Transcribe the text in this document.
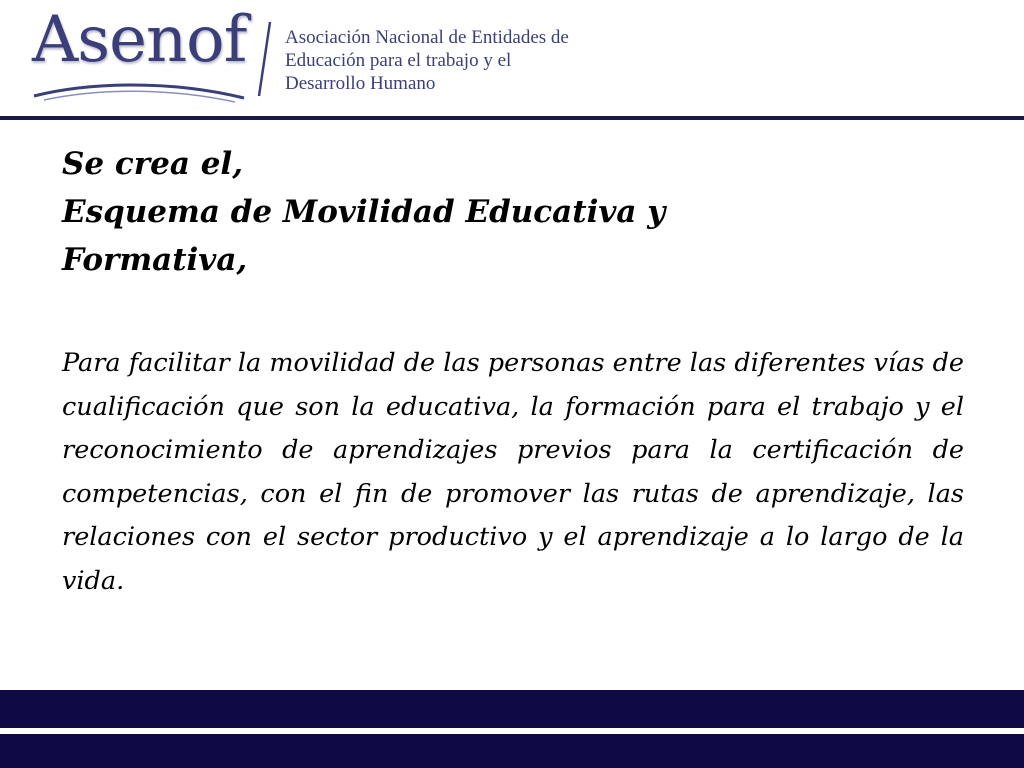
Asenof Asociación Nacional de Entidades de
Educación para el trabajo y el
Desarrollo Humano
Se crea el,
Esquema de Movilidad Educativa y
Formativa,
Para facilitar la movilidad de las personas entre las diferentes vías de cualificación que son la educativa, la formación para el trabajo y el reconocimiento de aprendizajes previos para la certificación de competencias, con el fin de promover las rutas de aprendizaje, las relaciones con el sector productivo y el aprendizaje a lo largo de la vida.
